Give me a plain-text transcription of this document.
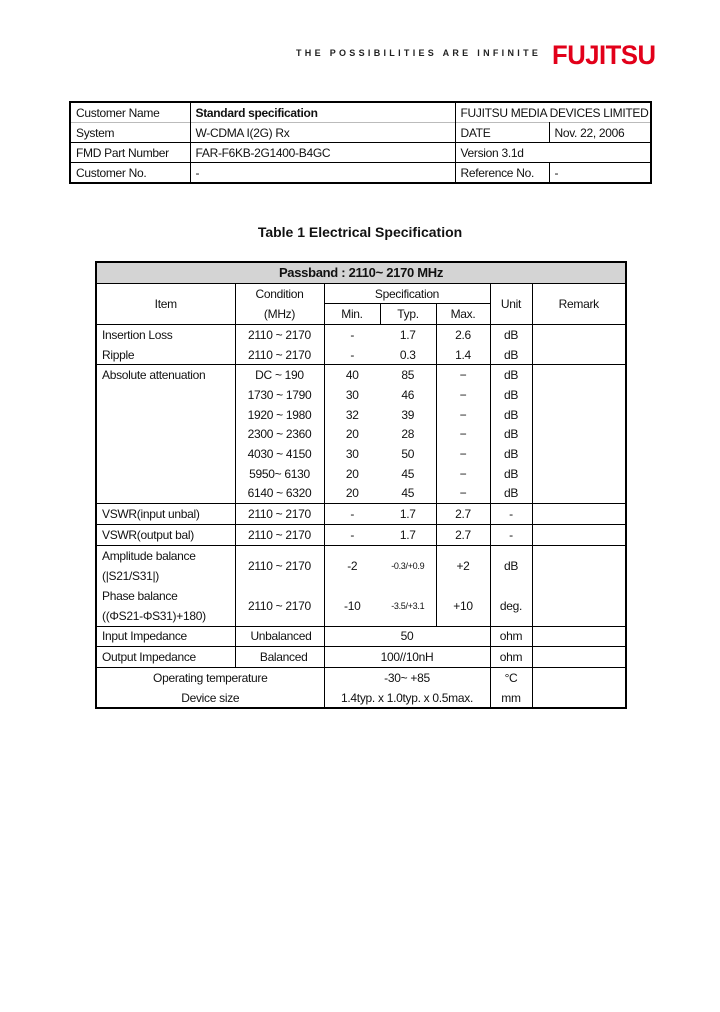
THE POSSIBILITIES ARE INFINITE FUJITSU
Customer Name	Standard specification	FUJITSU MEDIA DEVICES LIMITED	
System	W-CDMA I(2G) Rx	DATE	Nov. 22, 2006
FMD Part Number	FAR-F6KB-2G1400-B4GC	Version 3.1d	
Customer No.	-	Reference No.	-
Table 1 Electrical Specification
Passband : 2110~ 2170 MHz						
Item	Condition	Specification			Unit	Remark
	(MHz)	Min.	Typ.	Max.		
Insertion Loss	2110 ~ 2170	-	1.7	2.6	dB	
Ripple	2110 ~ 2170	-	0.3	1.4	dB	
Absolute attenuation	DC ~ 190	40	85	−	dB	
	1730 ~ 1790	30	46	−	dB	
	1920 ~ 1980	32	39	−	dB	
	2300 ~ 2360	20	28	−	dB	
	4030 ~ 4150	30	50	−	dB	
	5950~ 6130	20	45	−	dB	
	6140 ~ 6320	20	45	−	dB	
VSWR(input unbal)	2110 ~ 2170	-	1.7	2.7	-	
VSWR(output bal)	2110 ~ 2170	-	1.7	2.7	-	
Amplitude balance
(|S21/S31|)	2110 ~ 2170	-2	-0.3/+0.9	+2	dB	
Phase balance
((ΦS21-ΦS31)+180)	2110 ~ 2170	-10	-3.5/+3.1	+10	deg.	
Input Impedance	Unbalanced	50			ohm	
Output Impedance	Balanced	100//10nH			ohm	
Operating temperature		-30~ +85			°C	
Device size		1.4typ. x 1.0typ. x 0.5max.			mm	
